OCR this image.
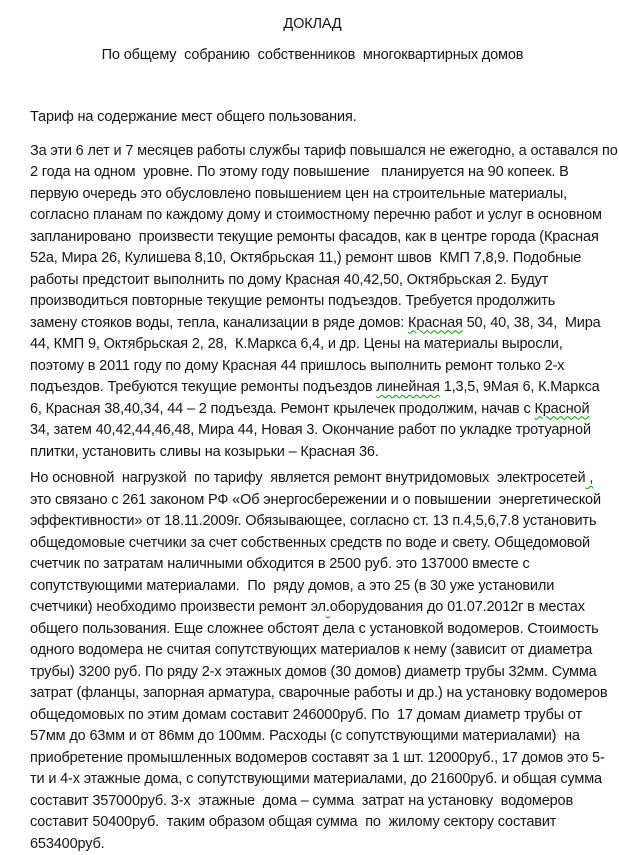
ДОКЛАД
По общему  собранию  собственников  многоквартирных домов
Тариф на содержание мест общего пользования.
За эти 6 лет и 7 месяцев работы службы тариф повышался не ежегодно, а оставался по
2 года на одном  уровне. По этому году повышение   планируется на 90 копеек. В
первую очередь это обусловлено повышением цен на строительные материалы,
согласно планам по каждому дому и стоимостному перечню работ и услуг в основном
запланировано  произвести текущие ремонты фасадов, как в центре города (Красная
52а, Мира 26, Кулишева 8,10, Октябрьская 11,) ремонт швов  КМП 7,8,9. Подобные
работы предстоит выполнить по дому Красная 40,42,50, Октябрьская 2. Будут
производиться повторные текущие ремонты подъездов. Требуется продолжить
замену стояков воды, тепла, канализации в ряде домов: Красная 50, 40, 38, 34,  Мира
44, КМП 9, Октябрьская 2, 28,  К.Маркса 6,4, и др. Цены на материалы выросли,
поэтому в 2011 году по дому Красная 44 пришлось выполнить ремонт только 2-х
подъездов. Требуются текущие ремонты подъездов линейная 1,3,5, 9Мая 6, К.Маркса
6, Красная 38,40,34, 44 – 2 подъезда. Ремонт крылечек продолжим, начав с Красной
34, затем 40,42,44,46,48, Мира 44, Новая 3. Окончание работ по укладке тротуарной
плитки, установить сливы на козырьки – Красная 36.
Но основной  нагрузкой  по тарифу  является ремонт внутридомовых  электросетей ,
это связано с 261 законом РФ «Об энергосбережении и о повышении  энергетической
эффективности» от 18.11.2009г. Обязывающее, согласно ст. 13 п.4,5,6,7.8 установить
общедомовые счетчики за счет собственных средств по воде и свету. Общедомовой
счетчик по затратам наличными обходится в 2500 руб. это 137000 вместе с
сопутствующими материалами.  По  ряду домов, а это 25 (в 30 уже установили
счетчики) необходимо произвести ремонт эл.оборудования до 01.07.2012г в местах
общего пользования. Еще сложнее обстоят дела с установкой водомеров. Стоимость
одного водомера не считая сопутствующих материалов к нему (зависит от диаметра
трубы) 3200 руб. По ряду 2-х этажных домов (30 домов) диаметр трубы 32мм. Сумма
затрат (фланцы, запорная арматура, сварочные работы и др.) на установку водомеров
общедомовых по этим домам составит 246000руб. По  17 домам диаметр трубы от
57мм до 63мм и от 86мм до 100мм. Расходы (с сопутствующими материалами)  на
приобретение промышленных водомеров составят за 1 шт. 12000руб., 17 домов это 5-
ти и 4-х этажные дома, с сопутствующими материалами, до 21600руб. и общая сумма
составит 357000руб. 3-х  этажные  дома – сумма  затрат на установку  водомеров
составит 50400руб.  таким образом общая сумма  по  жилому сектору составит
653400руб.
